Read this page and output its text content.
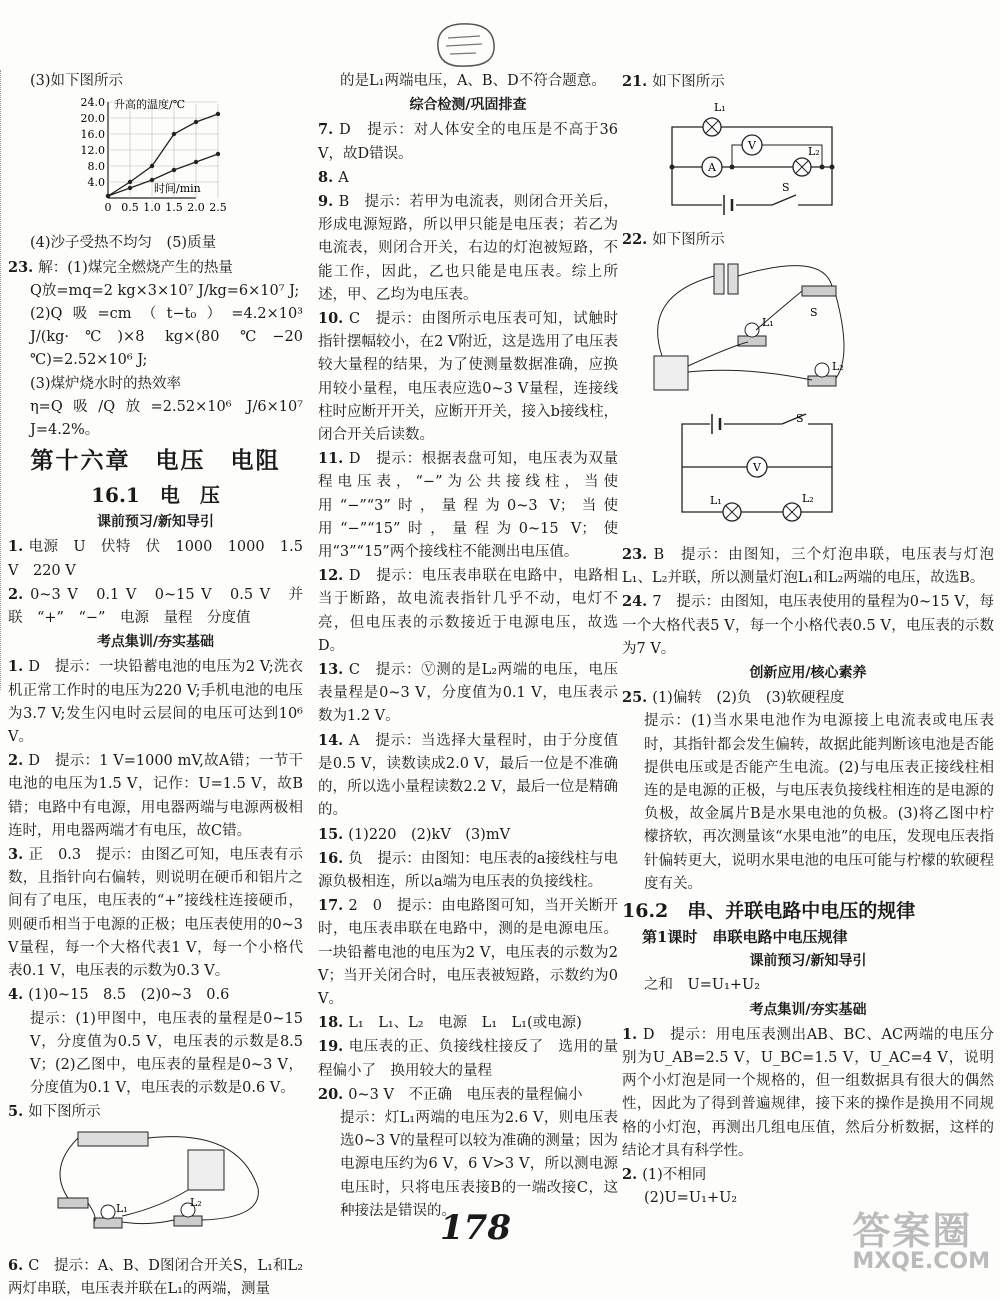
(3)如下图所示

4.0
8.0
12.0
16.0
20.0
24.0
0 0.5 1.0 1.5 2.0 2.5
升高的温度/℃
时间/min

(4)沙子受热不均匀　(5)质量

23. 解：(1)煤完全燃烧产生的热量

Q放=mq=2 kg×3×10⁷ J/kg=6×10⁷ J;

(2)Q吸=cm（t−t₀）=4.2×10³ J/(kg·℃)×8 kg×(80 ℃−20 ℃)=2.52×10⁶ J;

(3)煤炉烧水时的热效率

η=Q吸/Q放=2.52×10⁶ J/6×10⁷ J=4.2%。

第十六章　电压　电阻
16.1　电　压
课前预习/新知导引

1. 电源　U　伏特　伏　1000　1000　1.5 V　220 V

2. 0~3 V　0.1 V　0~15 V　0.5 V　并联　“+”　“−”　电源　量程　分度值

考点集训/夯实基础

1. D　提示：一块铅蓄电池的电压为2 V;洗衣机正常工作时的电压为220 V;手机电池的电压为3.7 V;发生闪电时云层间的电压可达到10⁶ V。

2. D　提示：1 V=1000 mV,故A错；一节干电池的电压为1.5 V，记作：U=1.5 V，故B错；电路中有电源，用电器两端与电源两极相连时，用电器两端才有电压，故C错。

3. 正　0.3　提示：由图乙可知，电压表有示数，且指针向右偏转，则说明在硬币和铝片之间有了电压，电压表的“+”接线柱连接硬币，则硬币相当于电源的正极；电压表使用的0~3 V量程，每一个大格代表1 V，每一个小格代表0.1 V，电压表的示数为0.3 V。

4. (1)0~15　8.5　(2)0~3　0.6

提示：(1)甲图中，电压表的量程是0~15 V，分度值为0.5 V，电压表的示数是8.5 V；(2)乙图中，电压表的量程是0~3 V，分度值为0.1 V，电压表的示数是0.6 V。

5. 如下图所示

L₁	L₂

6. C　提示：A、B、D图闭合开关S，L₁和L₂两灯串联，电压表并联在L₁的两端，测量

的是L₁两端电压，A、B、D不符合题意。

综合检测/巩固排查

7. D　提示：对人体安全的电压是不高于36 V，故D错误。

8. A

9. B　提示：若甲为电流表，则闭合开关后，形成电源短路，所以甲只能是电压表；若乙为电流表，则闭合开关，右边的灯泡被短路，不能工作，因此，乙也只能是电压表。综上所述，甲、乙均为电压表。

10. C　提示：由图所示电压表可知，试触时指针摆幅较小，在2 V附近，这是选用了电压表较大量程的结果，为了使测量数据准确，应换用较小量程，电压表应选0~3 V量程，连接线柱时应断开开关，应断开开关，接入b接线柱，闭合开关后读数。

11. D　提示：根据表盘可知，电压表为双量程电压表，“−”为公共接线柱，当使用“−”“3”时，量程为0~3 V；当使用“−”“15”时，量程为0~15 V；使用“3”“15”两个接线柱不能测出电压值。

12. D　提示：电压表串联在电路中，电路相当于断路，故电流表指针几乎不动，电灯不亮，但电压表的示数接近于电源电压，故选D。

13. C　提示：Ⓥ测的是L₂两端的电压，电压表量程是0~3 V，分度值为0.1 V，电压表示数为1.2 V。

14. A　提示：当选择大量程时，由于分度值是0.5 V，读数读成2.0 V，最后一位是不准确的，所以选小量程读数2.2 V，最后一位是精确的。

15. (1)220　(2)kV　(3)mV

16. 负　提示：由图知：电压表的a接线柱与电源负极相连，所以a端为电压表的负接线柱。

17. 2　0　提示：由电路图可知，当开关断开时，电压表串联在电路中，测的是电源电压。一块铅蓄电池的电压为2 V，电压表的示数为2 V；当开关闭合时，电压表被短路，示数约为0 V。

18. L₁　L₁、L₂　电源　L₁　L₁(或电源)

19. 电压表的正、负接线柱接反了　选用的量程偏小了　换用较大的量程

20. 0~3 V　不正确　电压表的量程偏小

提示：灯L₁两端的电压为2.6 V，则电压表选0~3 V的量程可以较为准确的测量；因为电源电压约为6 V，6 V>3 V，所以测电源电压时，只将电压表接B的一端改接C，这种接法是错误的。

21. 如下图所示

L₁
V
A
L₂
S

22. 如下图所示

S
L₁
L₂
S
V
L₁	L₂

23. B　提示：由图知，三个灯泡串联，电压表与灯泡L₁、L₂并联，所以测量灯泡L₁和L₂两端的电压，故选B。

24. 7　提示：由图知，电压表使用的量程为0~15 V，每一个大格代表5 V，每一个小格代表0.5 V，电压表的示数为7 V。

创新应用/核心素养

25. (1)偏转　(2)负　(3)软硬程度

提示：(1)当水果电池作为电源接上电流表或电压表时，其指针都会发生偏转，故据此能判断该电池是否能提供电压或是否能产生电流。(2)与电压表正接线柱相连的是电源的正极，与电压表负接线柱相连的是电源的负极，故金属片B是水果电池的负极。(3)将乙图中柠檬挤软，再次测量该“水果电池”的电压，发现电压表指针偏转更大，说明水果电池的电压可能与柠檬的软硬程度有关。

16.2　串、并联电路中电压的规律
第1课时　串联电路中电压规律
课前预习/新知导引

之和　U=U₁+U₂

考点集训/夯实基础

1. D　提示：用电压表测出AB、BC、AC两端的电压分别为U_AB=2.5 V，U_BC=1.5 V，U_AC=4 V，说明两个小灯泡是同一个规格的，但一组数据具有很大的偶然性，因此为了得到普遍规律，接下来的操作是换用不同规格的小灯泡，再测出几组电压值，然后分析数据，这样的结论才具有科学性。

2. (1)不相同

(2)U=U₁+U₂

178	答案圈
MXQE.COM
